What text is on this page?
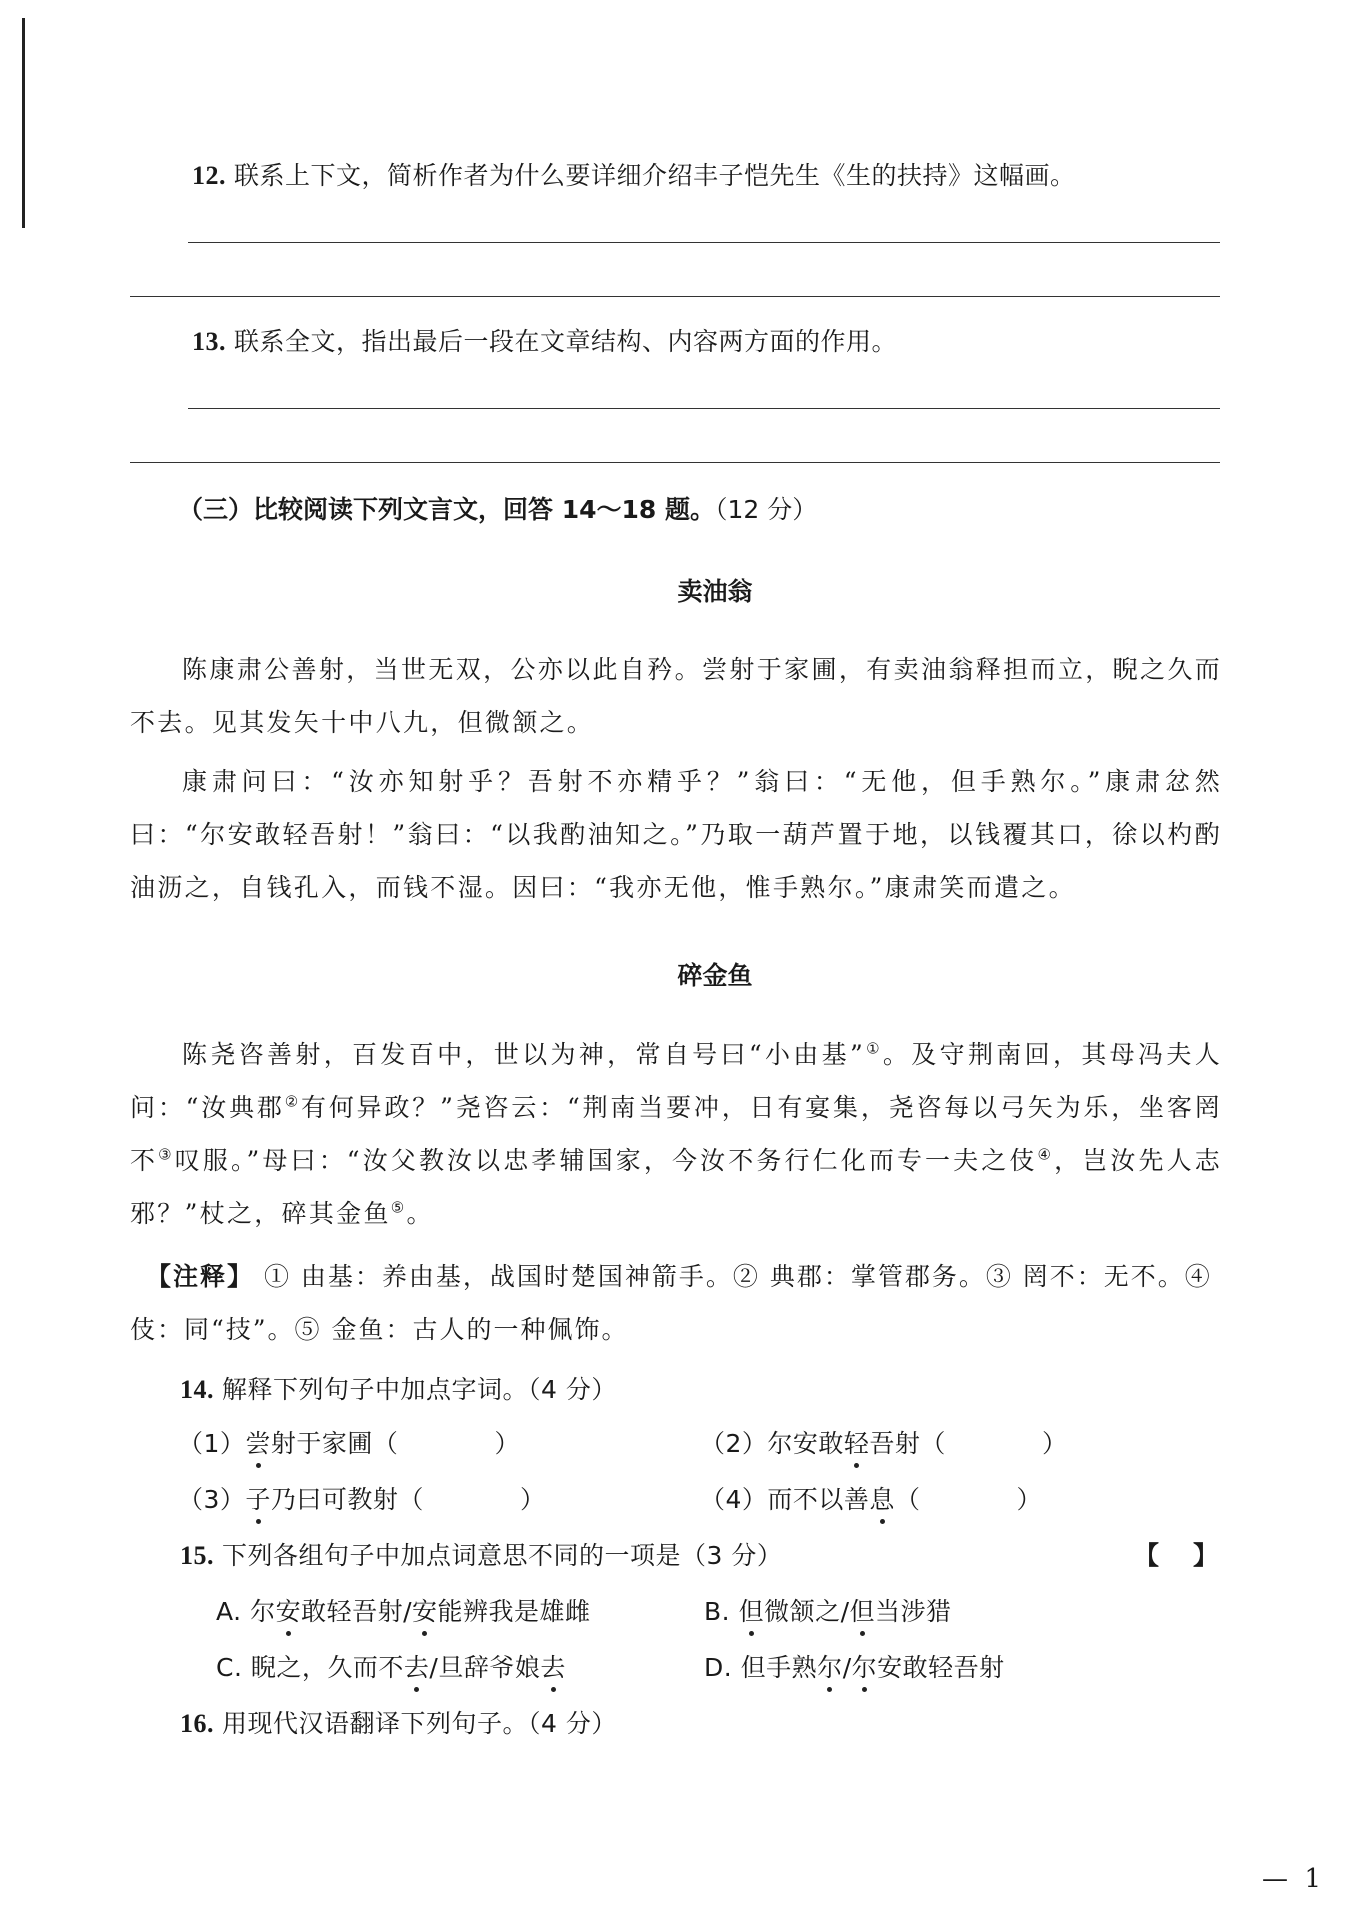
12. 联系上下文，简析作者为什么要详细介绍丰子恺先生《生的扶持》这幅画。
13. 联系全文，指出最后一段在文章结构、内容两方面的作用。
（三）比较阅读下列文言文，回答 14～18 题。（12 分）
卖油翁
陈康肃公善射，当世无双，公亦以此自矜。尝射于家圃，有卖油翁释担而立，睨之久而不去。见其发矢十中八九，但微颔之。
康肃问曰：“汝亦知射乎？吾射不亦精乎？”翁曰：“无他，但手熟尔。”康肃忿然曰：“尔安敢轻吾射！”翁曰：“以我酌油知之。”乃取一葫芦置于地，以钱覆其口，徐以杓酌油沥之，自钱孔入，而钱不湿。因曰：“我亦无他，惟手熟尔。”康肃笑而遣之。
碎金鱼
陈尧咨善射，百发百中，世以为神，常自号曰“小由基”①。及守荆南回，其母冯夫人问：“汝典郡②有何异政？”尧咨云：“荆南当要冲，日有宴集，尧咨每以弓矢为乐，坐客罔不③叹服。”母曰：“汝父教汝以忠孝辅国家，今汝不务行仁化而专一夫之伎④，岂汝先人志邪？”杖之，碎其金鱼⑤。
【注释】 ① 由基：养由基，战国时楚国神箭手。② 典郡：掌管郡务。③ 罔不：无不。④ 伎：同“技”。⑤ 金鱼：古人的一种佩饰。
14. 解释下列句子中加点字词。（4 分）
（1）尝射于家圃（	）	（2）尔安敢轻吾射（	）
（3）子乃曰可教射（	）	（4）而不以善息（	）
15. 下列各组句子中加点词意思不同的一项是（3 分）	【】
A. 尔安敢轻吾射/安能辨我是雄雌	B. 但微颔之/但当涉猎
C. 睨之，久而不去/旦辞爷娘去	D. 但手熟尔/尔安敢轻吾射
16. 用现代汉语翻译下列句子。（4 分）
— 1
